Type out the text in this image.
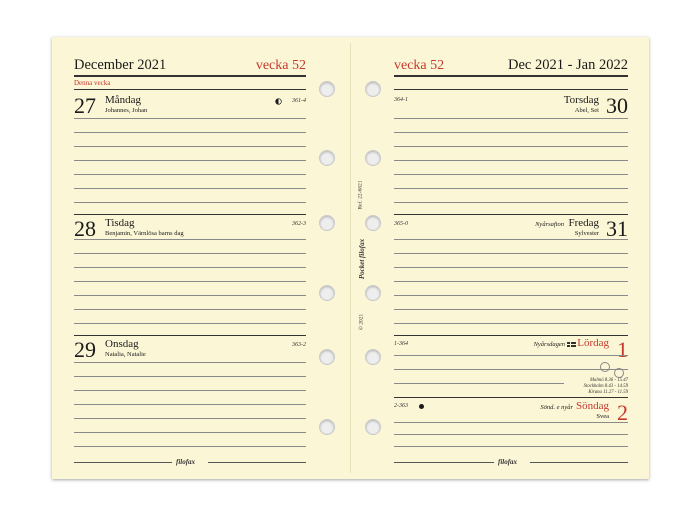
December 2021	vecka 52
Denna vecka
27 Måndag
Johannes, Johan
361-4
28 Tisdag
Benjamin, Värnlösa barns dag
362-3
29 Onsdag
Natalia, Natalie
363-2
filofax
Ref. 22-6821
Pocket filofax
© 2021
vecka 52	Dec 2021 - Jan 2022
364-1	Torsdag
Abel, Set 30
365-0	Nyårsafton Fredag
Sylvester 31
1-364	Nyårsdagen Lördag 1
Malmö 8.36 - 15.47
Stockholm 8.43 - 14.59
Kiruna 11.27 - 11.59
2-363	Sönd. e nyår Söndag
Svea 2
filofax
